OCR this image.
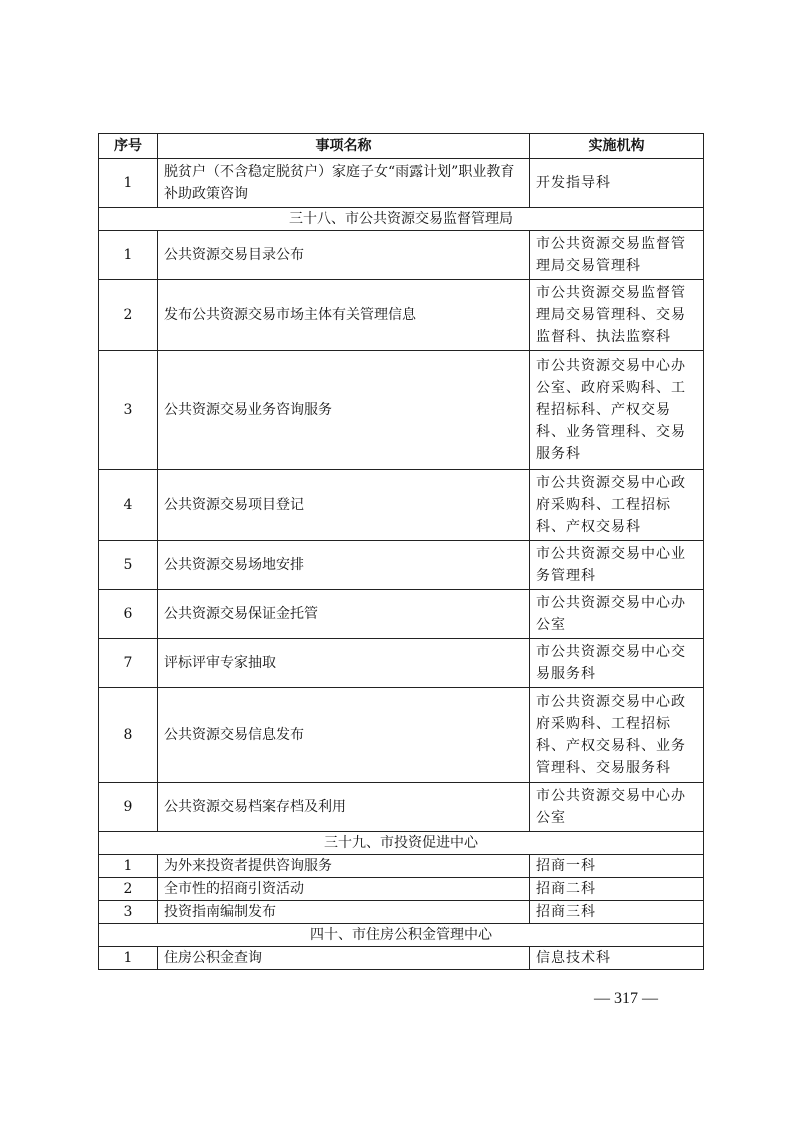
序号	事项名称	实施机构
1	脱贫户（不含稳定脱贫户）家庭子女“雨露计划”职业教育补助政策咨询	开发指导科
三十八、市公共资源交易监督管理局		
1	公共资源交易目录公布	市公共资源交易监督管理局交易管理科
2	发布公共资源交易市场主体有关管理信息	市公共资源交易监督管理局交易管理科、交易监督科、执法监察科
3	公共资源交易业务咨询服务	市公共资源交易中心办公室、政府采购科、工程招标科、产权交易科、业务管理科、交易服务科
4	公共资源交易项目登记	市公共资源交易中心政府采购科、工程招标科、产权交易科
5	公共资源交易场地安排	市公共资源交易中心业务管理科
6	公共资源交易保证金托管	市公共资源交易中心办公室
7	评标评审专家抽取	市公共资源交易中心交易服务科
8	公共资源交易信息发布	市公共资源交易中心政府采购科、工程招标科、产权交易科、业务管理科、交易服务科
9	公共资源交易档案存档及利用	市公共资源交易中心办公室
三十九、市投资促进中心		
1	为外来投资者提供咨询服务	招商一科
2	全市性的招商引资活动	招商二科
3	投资指南编制发布	招商三科
四十、市住房公积金管理中心		
1	住房公积金查询	信息技术科
— 317 —
